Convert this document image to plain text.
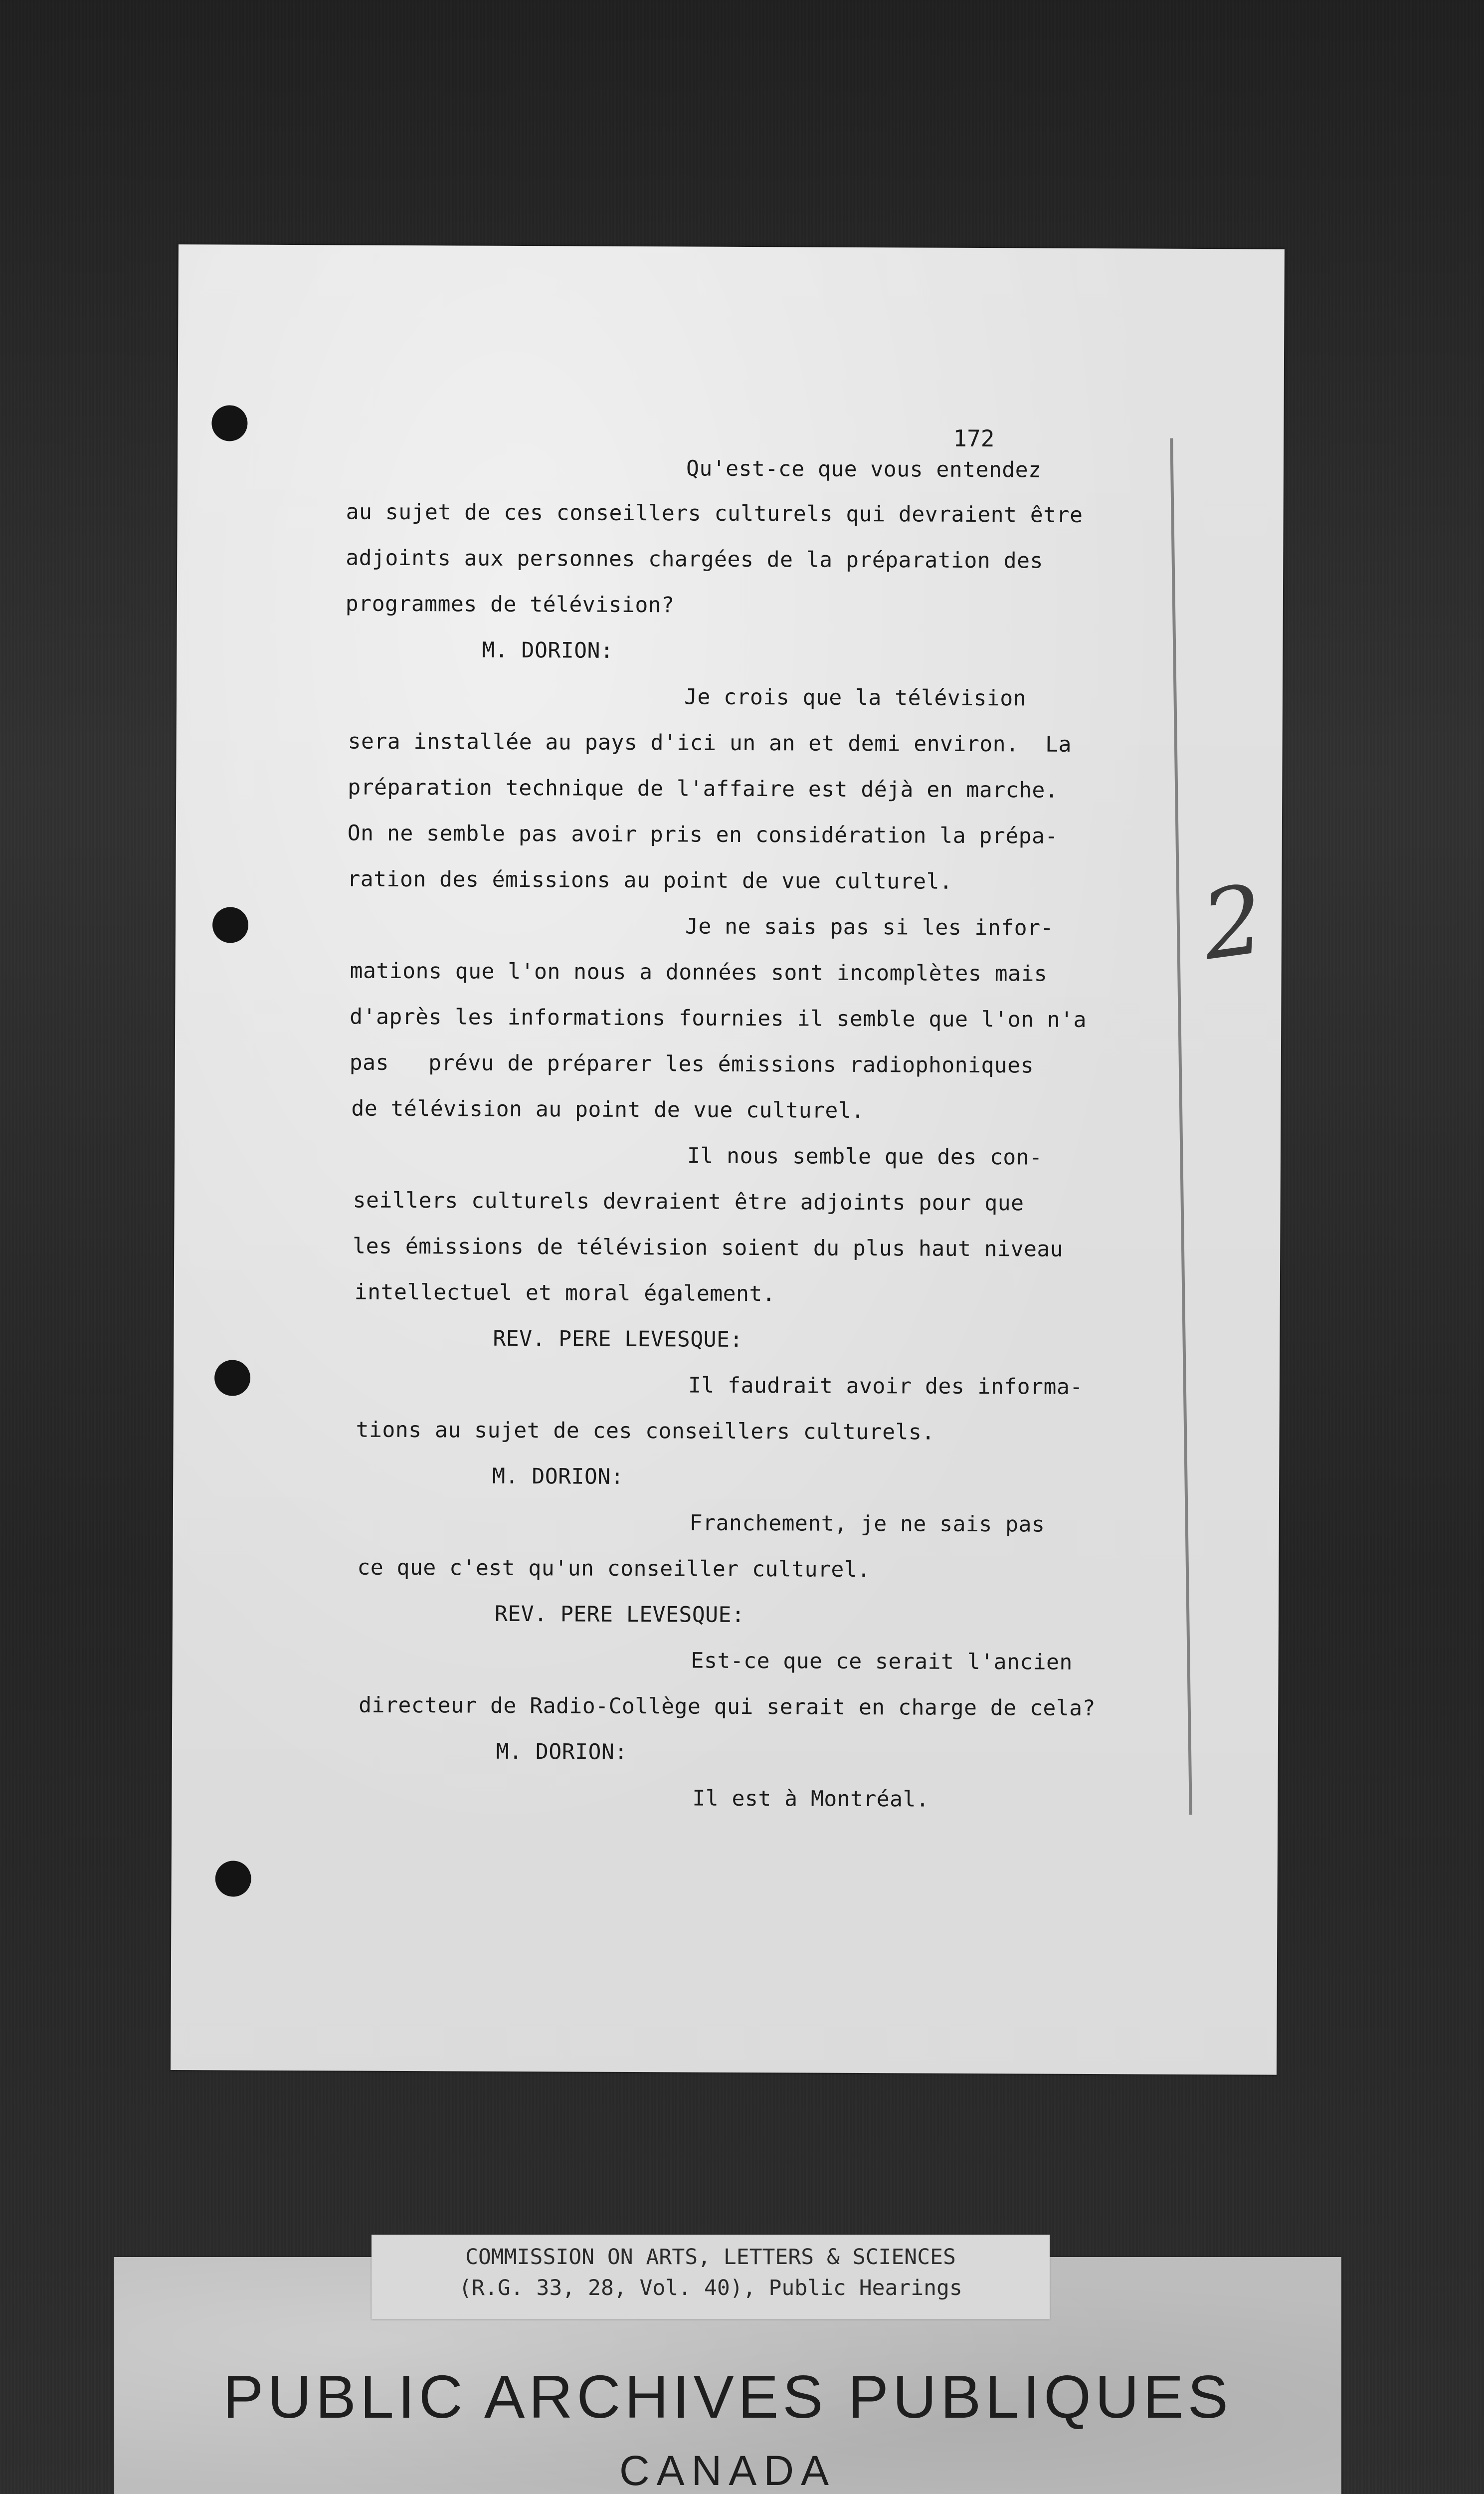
2
172
Qu'est-ce que vous entendez
au sujet de ces conseillers culturels qui devraient être
adjoints aux personnes chargées de la préparation des
programmes de télévision?
M. DORION:
Je crois que la télévision
sera installée au pays d'ici un an et demi environ.  La
préparation technique de l'affaire est déjà en marche.
On ne semble pas avoir pris en considération la prépa-
ration des émissions au point de vue culturel.
Je ne sais pas si les infor-
mations que l'on nous a données sont incomplètes mais
d'après les informations fournies il semble que l'on n'a
pas   prévu de préparer les émissions radiophoniques
de télévision au point de vue culturel.
Il nous semble que des con-
seillers culturels devraient être adjoints pour que
les émissions de télévision soient du plus haut niveau
intellectuel et moral également.
REV. PERE LEVESQUE:
Il faudrait avoir des informa-
tions au sujet de ces conseillers culturels.
M. DORION:
Franchement, je ne sais pas
ce que c'est qu'un conseiller culturel.
REV. PERE LEVESQUE:
Est-ce que ce serait l'ancien
directeur de Radio-Collège qui serait en charge de cela?
M. DORION:
Il est à Montréal.
PUBLIC ARCHIVES PUBLIQUES
CANADA
COMMISSION ON ARTS, LETTERS & SCIENCES
(R.G. 33, 28, Vol. 40), Public Hearings
